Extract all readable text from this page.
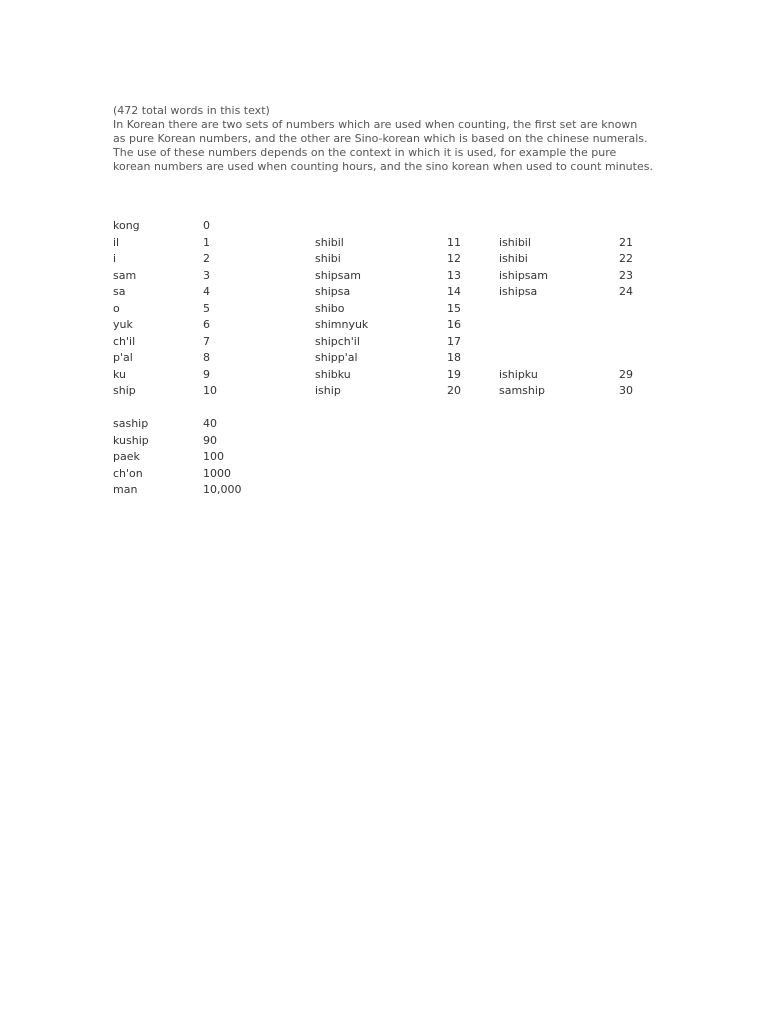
(472 total words in this text)

In Korean there are two sets of numbers which are used when counting, the first set are known as pure Korean numbers, and the other are Sino-korean which is based on the chinese numerals.

The use of these numbers depends on the context in which it is used, for example the pure korean numbers are used when counting hours, and the sino korean when used to count minutes.

kong	0
il	1	shibil	11	ishibil	21
i	2	shibi	12	ishibi	22
sam	3	shipsam	13	ishipsam	23
sa	4	shipsa	14	ishipsa	24
o	5	shibo	15
yuk	6	shimnyuk	16
ch'il	7	shipch'il	17
p'al	8	shipp'al	18
ku	9	shibku	19	ishipku	29
ship	10	iship	20	samship	30
saship	40
kuship	90
paek	100
ch'on	1000
man	10,000
